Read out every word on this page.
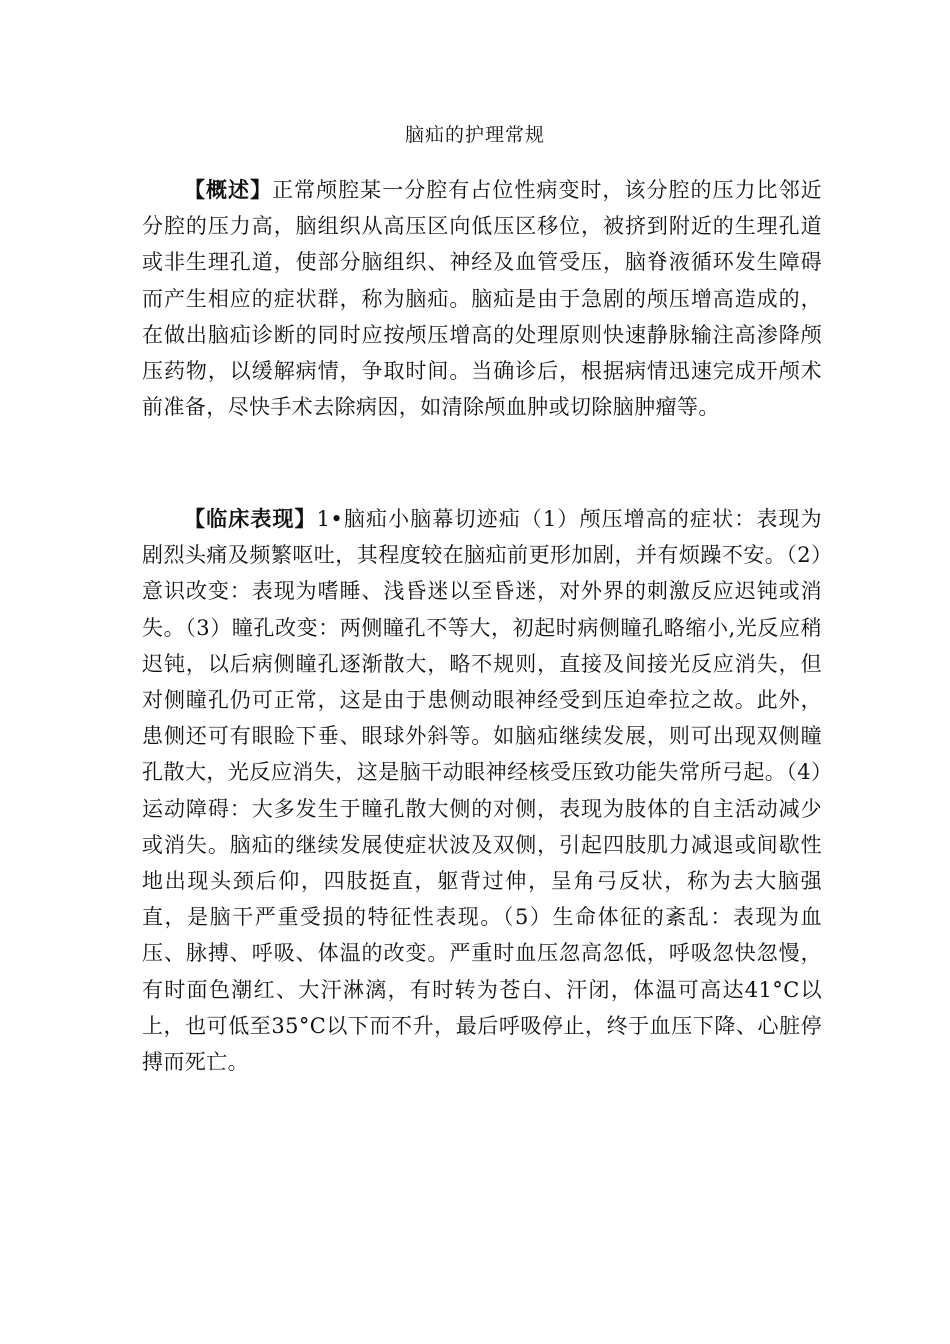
脑疝的护理常规

【概述】正常颅腔某一分腔有占位性病变时，该分腔的压力比邻近分腔的压力高，脑组织从高压区向低压区移位，被挤到附近的生理孔道或非生理孔道，使部分脑组织、神经及血管受压，脑脊液循环发生障碍而产生相应的症状群，称为脑疝。脑疝是由于急剧的颅压增高造成的，在做出脑疝诊断的同时应按颅压增高的处理原则快速静脉输注高渗降颅压药物，以缓解病情，争取时间。当确诊后，根据病情迅速完成开颅术前准备，尽快手术去除病因，如清除颅血肿或切除脑肿瘤等。

【临床表现】1•脑疝小脑幕切迹疝（1）颅压增高的症状：表现为剧烈头痛及频繁呕吐，其程度较在脑疝前更形加剧，并有烦躁不安。（2）意识改变：表现为嗜睡、浅昏迷以至昏迷，对外界的刺激反应迟钝或消失。（3）瞳孔改变：两侧瞳孔不等大，初起时病侧瞳孔略缩小,光反应稍迟钝，以后病侧瞳孔逐渐散大，略不规则，直接及间接光反应消失，但对侧瞳孔仍可正常，这是由于患侧动眼神经受到压迫牵拉之故。此外，患侧还可有眼睑下垂、眼球外斜等。如脑疝继续发展，则可出现双侧瞳孔散大，光反应消失，这是脑干动眼神经核受压致功能失常所弓起。（4）运动障碍：大多发生于瞳孔散大侧的对侧，表现为肢体的自主活动减少或消失。脑疝的继续发展使症状波及双侧，引起四肢肌力减退或间歇性地出现头颈后仰，四肢挺直，躯背过伸，呈角弓反状，称为去大脑强直，是脑干严重受损的特征性表现。（5）生命体征的紊乱：表现为血压、脉搏、呼吸、体温的改变。严重时血压忽高忽低，呼吸忽快忽慢，有时面色潮红、大汗淋漓，有时转为苍白、汗闭，体温可高达41°C以上，也可低至35°C以下而不升，最后呼吸停止，终于血压下降、心脏停搏而死亡。
